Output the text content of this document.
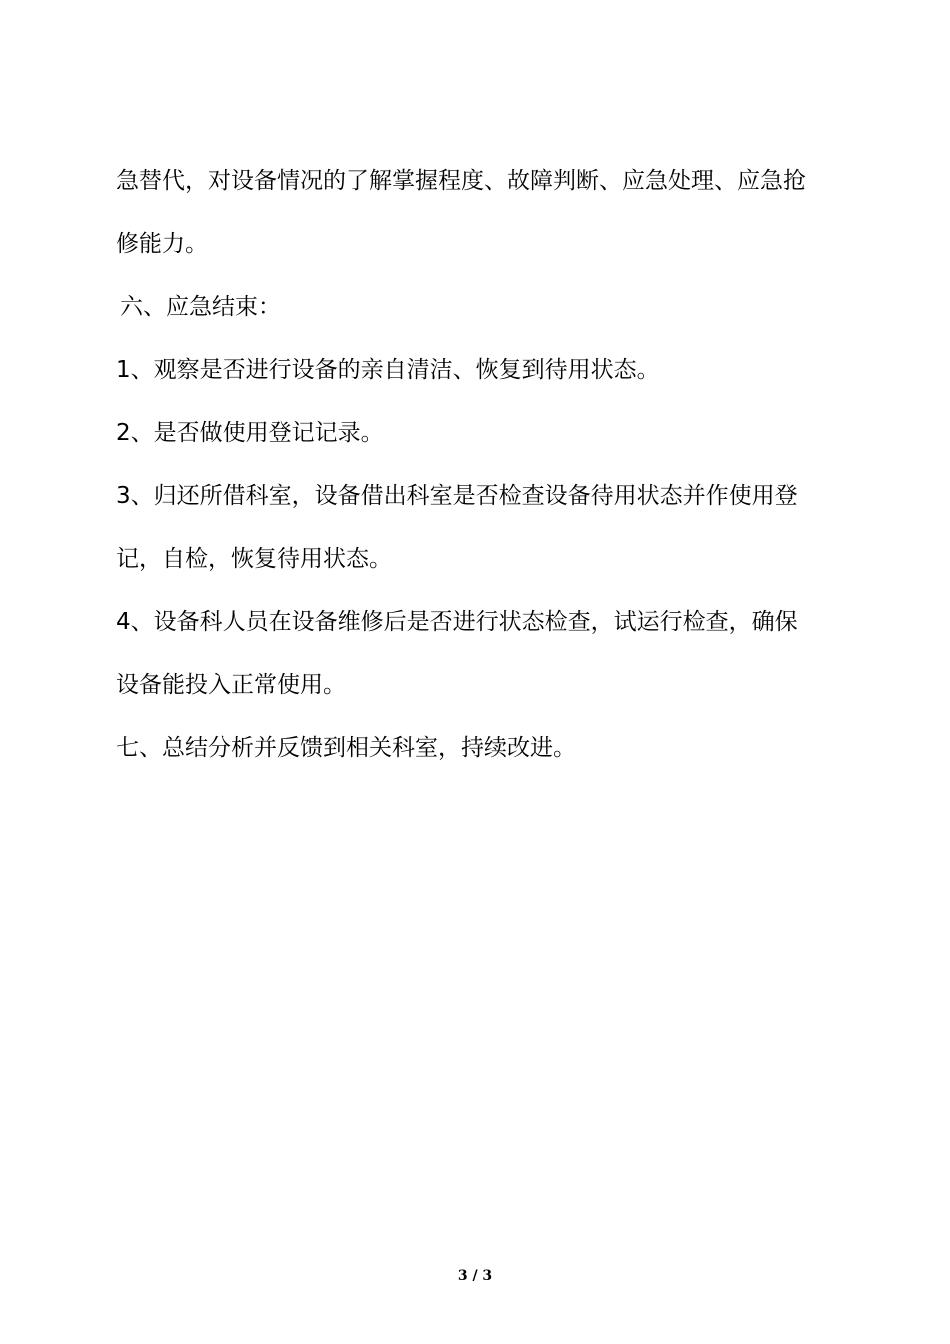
急替代，对设备情况的了解掌握程度、故障判断、应急处理、应急抢
修能力。
六、应急结束：
1、观察是否进行设备的亲自清洁、恢复到待用状态。
2、是否做使用登记记录。
3、归还所借科室，设备借出科室是否检查设备待用状态并作使用登
记，自检，恢复待用状态。
4、设备科人员在设备维修后是否进行状态检查，试运行检查，确保
设备能投入正常使用。
七、总结分析并反馈到相关科室，持续改进。
3 / 3
